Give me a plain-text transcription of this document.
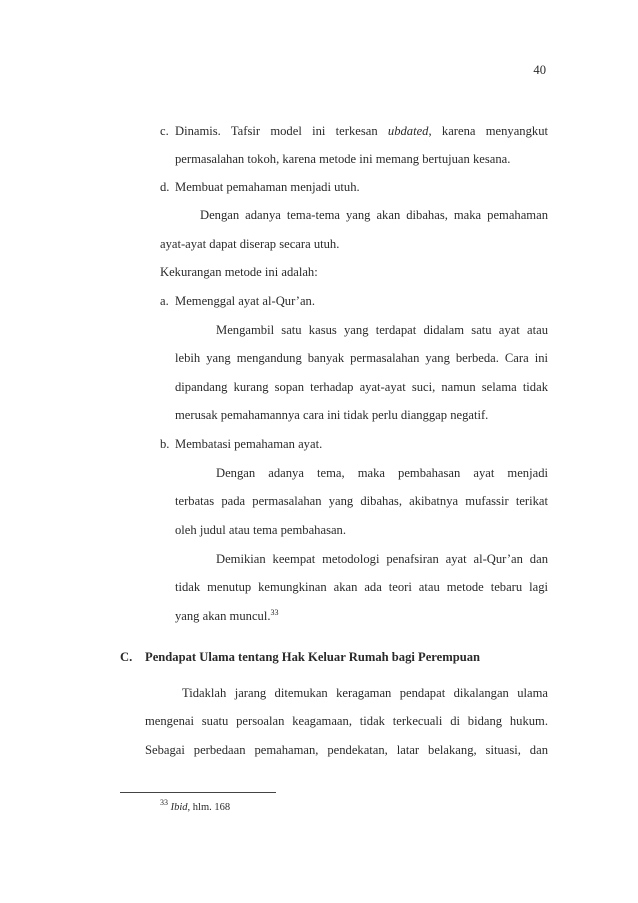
40
c. Dinamis. Tafsir model ini terkesan ubdated, karena menyangkut
permasalahan tokoh, karena metode ini memang bertujuan kesana.
d. Membuat pemahaman menjadi utuh.
Dengan adanya tema-tema yang akan dibahas, maka pemahaman
ayat-ayat dapat diserap secara utuh.
Kekurangan metode ini adalah:
a. Memenggal ayat al-Qur’an.
Mengambil satu kasus yang terdapat didalam satu ayat atau
lebih yang mengandung banyak permasalahan yang berbeda. Cara ini
dipandang kurang sopan terhadap ayat-ayat suci, namun selama tidak
merusak pemahamannya cara ini tidak perlu dianggap negatif.
b. Membatasi pemahaman ayat.
Dengan adanya tema, maka pembahasan ayat menjadi
terbatas pada permasalahan yang dibahas, akibatnya mufassir terikat
oleh judul atau tema pembahasan.
Demikian keempat metodologi penafsiran ayat al-Qur’an dan
tidak menutup kemungkinan akan ada teori atau metode tebaru lagi
yang akan muncul.$^{33}$
C. Pendapat Ulama tentang Hak Keluar Rumah bagi Perempuan
Tidaklah jarang ditemukan keragaman pendapat dikalangan ulama
mengenai suatu persoalan keagamaan, tidak terkecuali di bidang hukum.
Sebagai perbedaan pemahaman, pendekatan, latar belakang, situasi, dan
$^{33}$ Ibid, hlm. 168
